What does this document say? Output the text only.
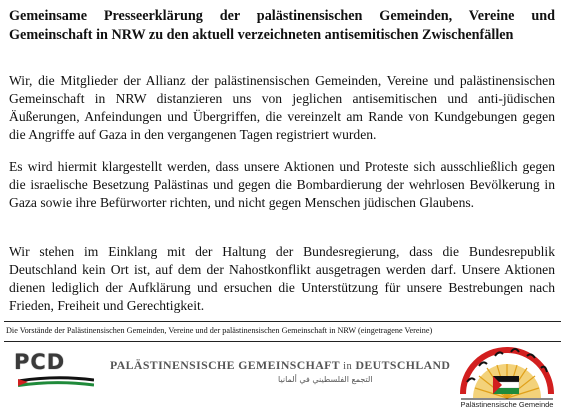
Gemeinsame Presseerklärung der palästinensischen Gemeinden, Vereine und Gemeinschaft in NRW zu den aktuell verzeichneten antisemitischen Zwischenfällen

Wir, die Mitglieder der Allianz der palästinensischen Gemeinden, Vereine und palästinensischen Gemeinschaft in NRW distanzieren uns von jeglichen antisemitischen und anti-jüdischen Äußerungen, Anfeindungen und Übergriffen, die vereinzelt am Rande von Kundgebungen gegen die Angriffe auf Gaza in den vergangenen Tagen registriert wurden.

Es wird hiermit klargestellt werden, dass unsere Aktionen und Proteste sich ausschließlich gegen die israelische Besetzung Palästinas und gegen die Bombardierung der wehrlosen Bevölkerung in Gaza sowie ihre Befürworter richten, und nicht gegen Menschen jüdischen Glaubens.

Wir stehen im Einklang mit der Haltung der Bundesregierung, dass die Bundesrepublik Deutschland kein Ort ist, auf dem der Nahostkonflikt ausgetragen werden darf. Unsere Aktionen dienen lediglich der Aufklärung und ersuchen die Unterstützung für unsere Bestrebungen nach Frieden, Freiheit und Gerechtigkeit.

Die Vorstände der Palästinensischen Gemeinden, Vereine und der palästinensischen Gemeinschaft in NRW (eingetragene Vereine)
PCD	PALÄSTINENSISCHE GEMEINSCHAFT in DEUTSCHLAND
التجمع الفلسطيني في ألمانيا
Palästinensische Gemeinde
